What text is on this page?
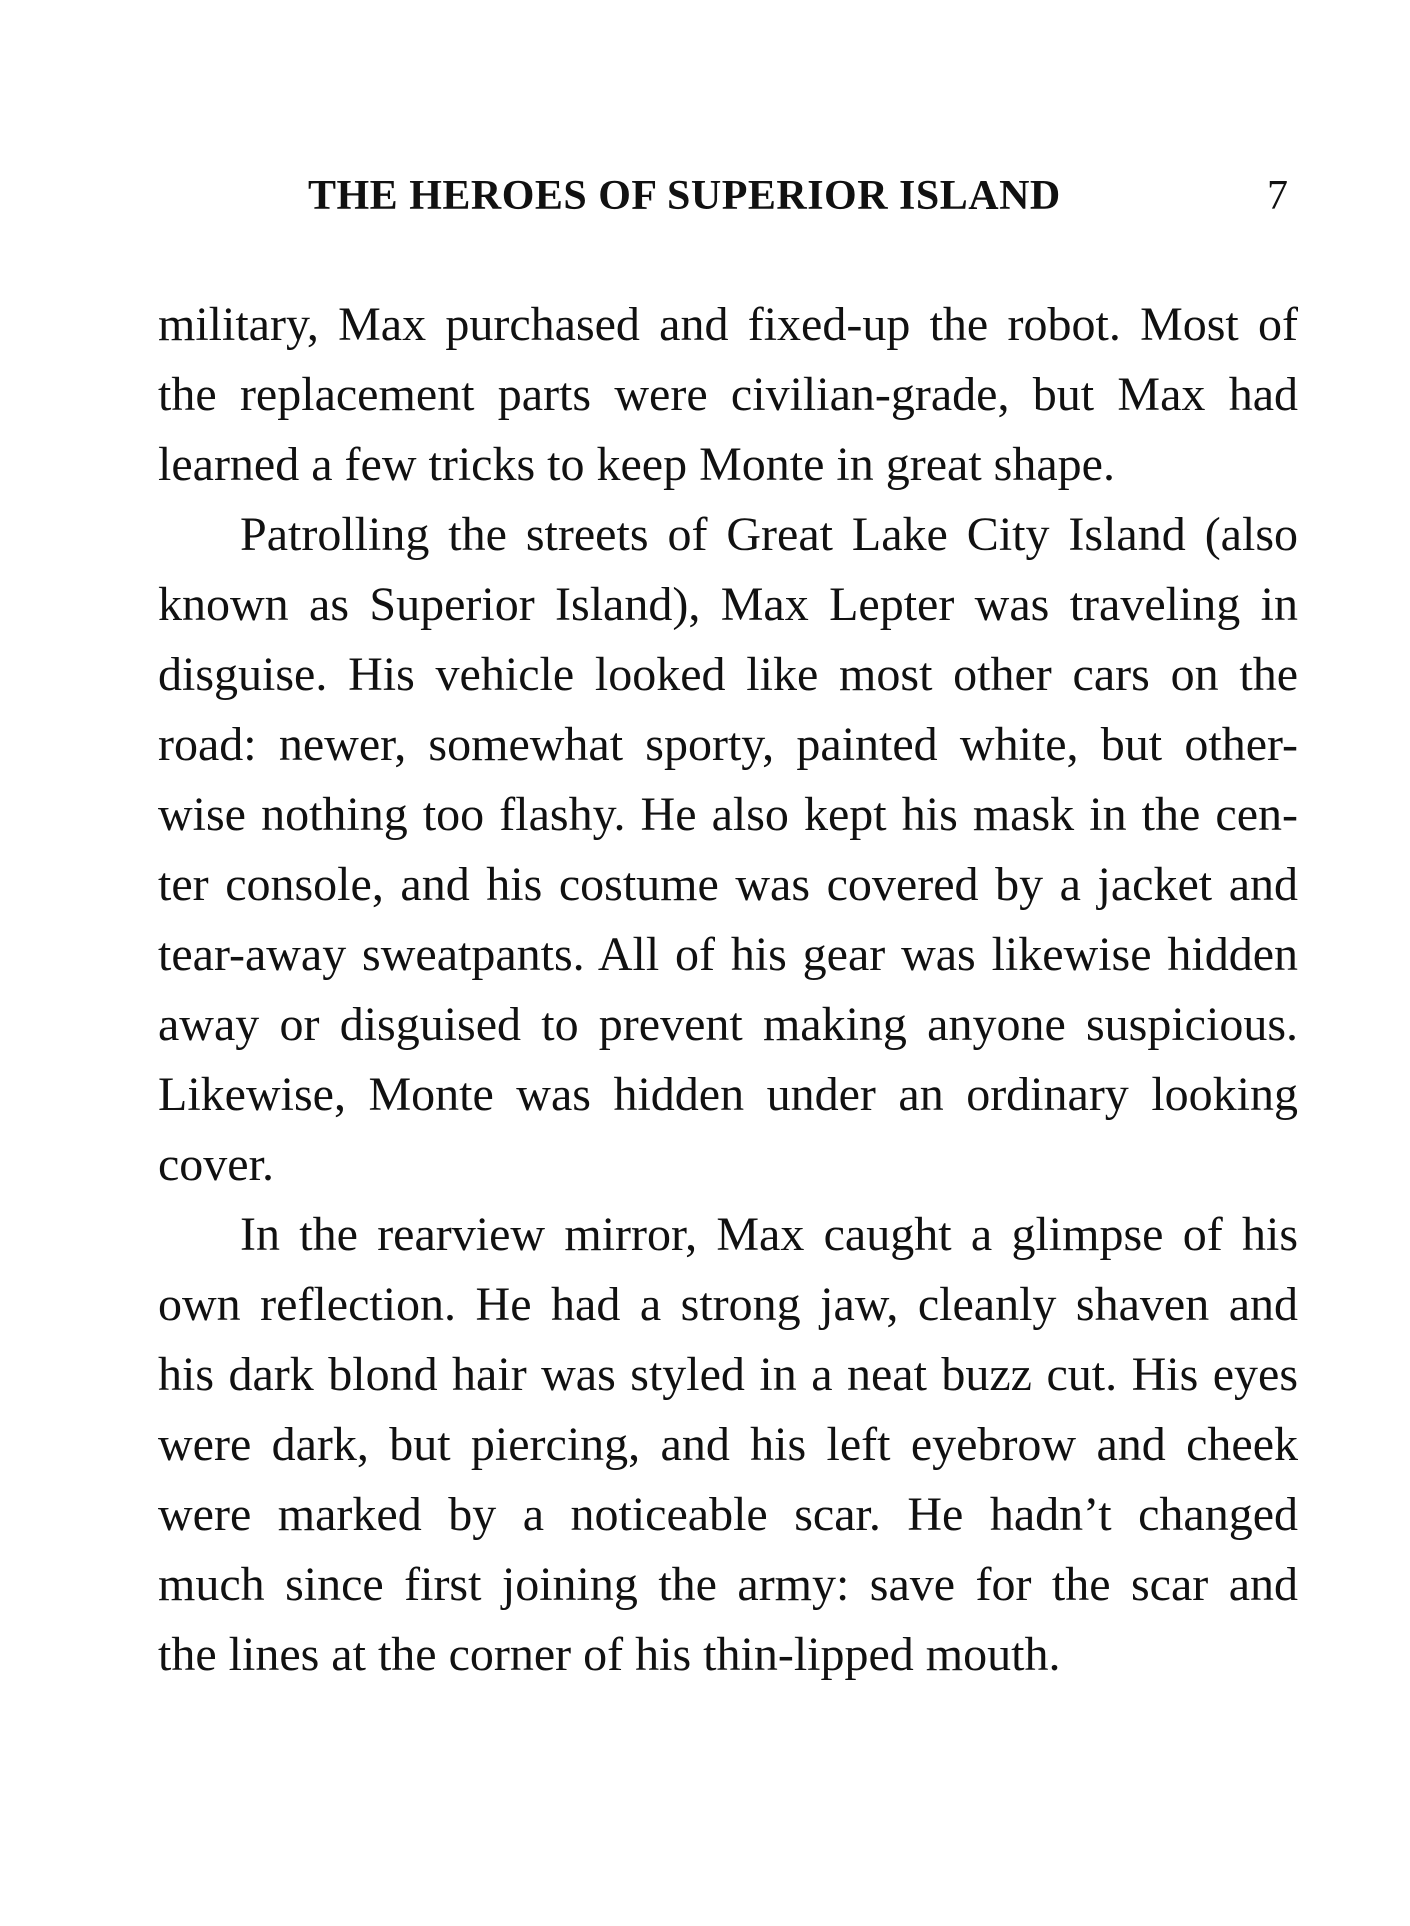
THE HEROES OF SUPERIOR ISLAND	7
military, Max purchased and fixed-up the robot. Most of
the replacement parts were civilian-grade, but Max had
learned a few tricks to keep Monte in great shape.
Patrolling the streets of Great Lake City Island (also
known as Superior Island), Max Lepter was traveling in
disguise. His vehicle looked like most other cars on the
road: newer, somewhat sporty, painted white, but other-
wise nothing too flashy. He also kept his mask in the cen-
ter console, and his costume was covered by a jacket and
tear-away sweatpants. All of his gear was likewise hidden
away or disguised to prevent making anyone suspicious.
Likewise, Monte was hidden under an ordinary looking
cover.
In the rearview mirror, Max caught a glimpse of his
own reflection. He had a strong jaw, cleanly shaven and
his dark blond hair was styled in a neat buzz cut. His eyes
were dark, but piercing, and his left eyebrow and cheek
were marked by a noticeable scar. He hadn’t changed
much since first joining the army: save for the scar and
the lines at the corner of his thin-lipped mouth.
